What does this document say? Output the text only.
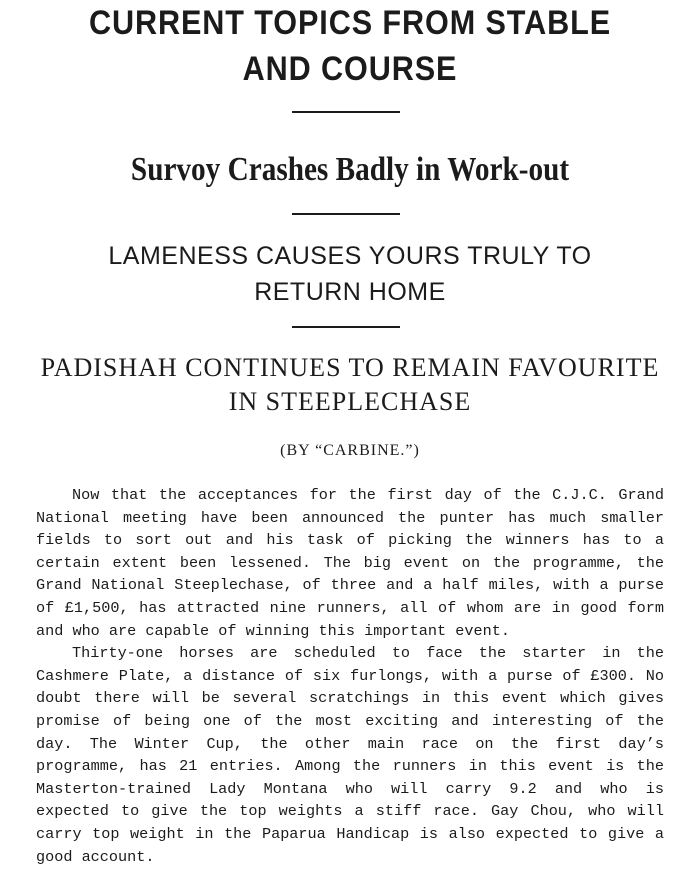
CURRENT TOPICS FROM STABLE
AND COURSE
Survoy Crashes Badly in Work-out
LAMENESS CAUSES YOURS TRULY TO
RETURN HOME
PADISHAH CONTINUES TO REMAIN FAVOURITE
IN STEEPLECHASE
(BY “CARBINE.”)

Now that the acceptances for the first day of the C.J.C. Grand National meeting have been announced the punter has much smaller fields to sort out and his task of picking the winners has to a certain extent been lessened. The big event on the programme, the Grand National Steeplechase, of three and a half miles, with a purse of £1,500, has attracted nine runners, all of whom are in good form and who are capable of winning this important event.

Thirty-one horses are scheduled to face the starter in the Cashmere Plate, a distance of six furlongs, with a purse of £300. No doubt there will be several scratchings in this event which gives promise of being one of the most exciting and interesting of the day. The Winter Cup, the other main race on the first day’s programme, has 21 entries. Among the runners in this event is the Masterton-trained Lady Montana who will carry 9.2 and who is expected to give the top weights a stiff race. Gay Chou, who will carry top weight in the Paparua Handicap is also expected to give a good account.
